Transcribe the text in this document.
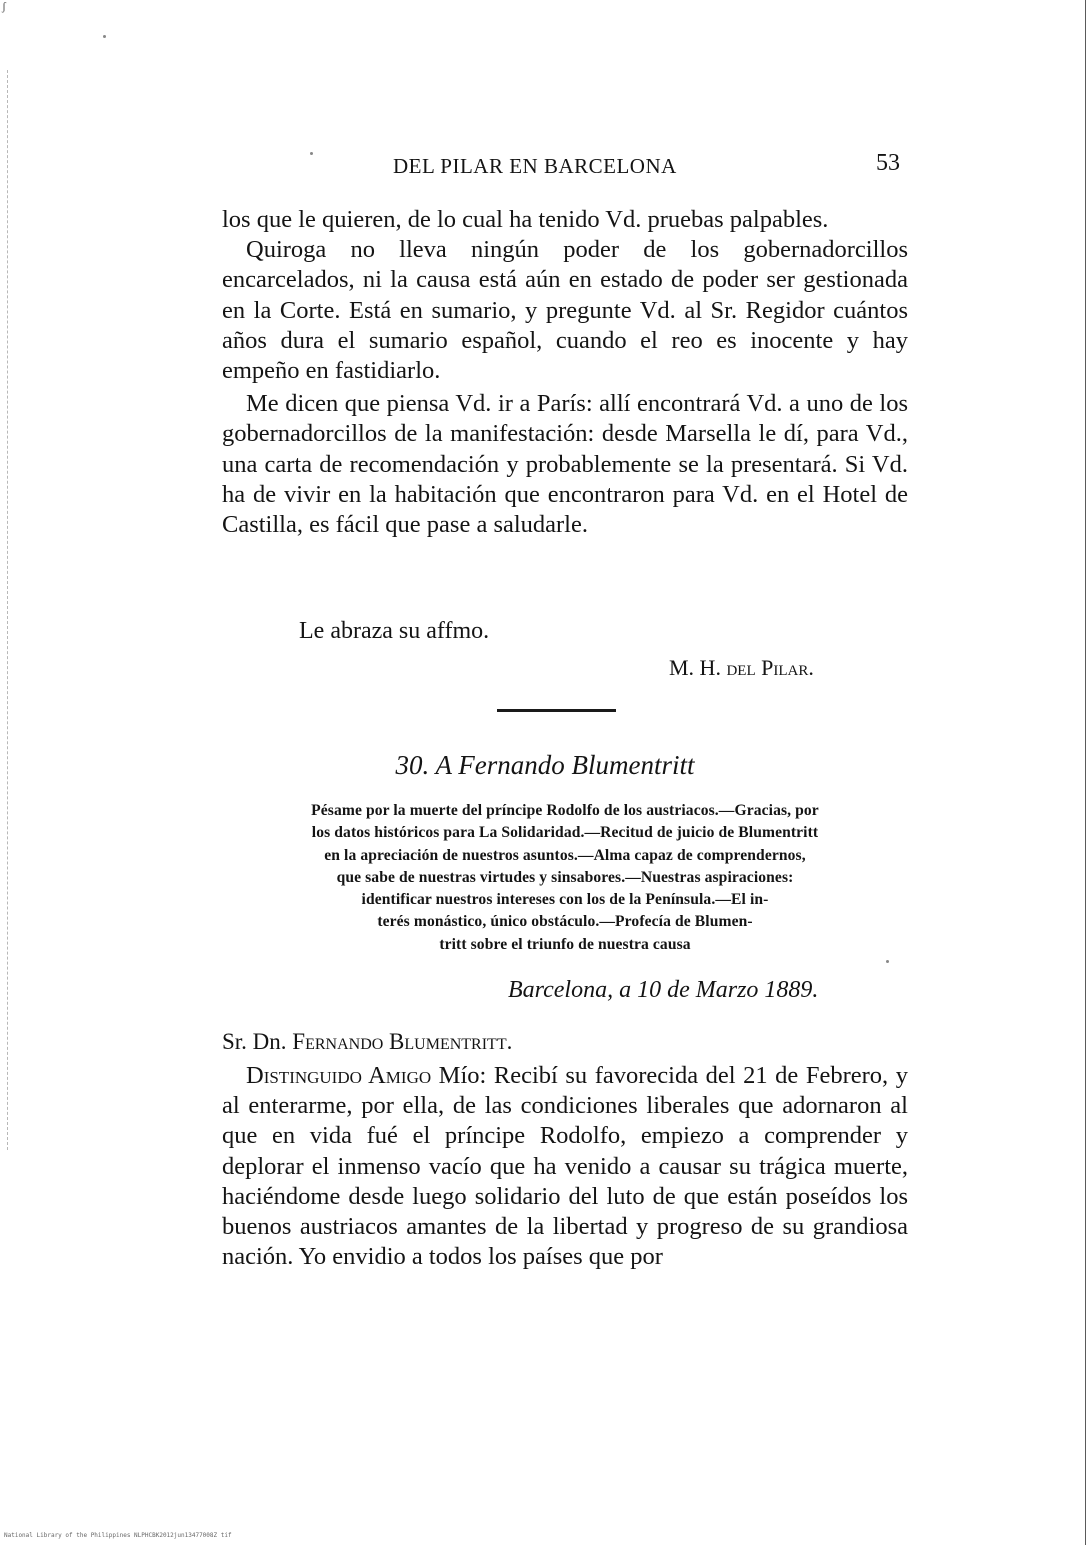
ʃ
DEL PILAR EN BARCELONA	53

los que le quieren, de lo cual ha tenido Vd. pruebas palpables.

Quiroga no lleva ningún poder de los gobernadorcillos encarcelados, ni la causa está aún en estado de poder ser gestionada en la Corte. Está en sumario, y pregunte Vd. al Sr. Regidor cuántos años dura el sumario español, cuando el reo es inocente y hay empeño en fastidiarlo.

Me dicen que piensa Vd. ir a París: allí encontrará Vd. a uno de los gobernadorcillos de la manifestación: desde Marsella le dí, para Vd., una carta de recomendación y probablemente se la presentará. Si Vd. ha de vivir en la habitación que encontraron para Vd. en el Hotel de Castilla, es fácil que pase a saludarle.

Le abraza su affmo.
M. H. del Pilar.
30. A Fernando Blumentritt

Pésame por la muerte del príncipe Rodolfo de los austriacos.—Gracias, por
los datos históricos para La Solidaridad.—Recitud de juicio de Blumentritt
en la apreciación de nuestros asuntos.—Alma capaz de comprendernos,
que sabe de nuestras virtudes y sinsabores.—Nuestras aspiraciones:
identificar nuestros intereses con los de la Península.—El in-
terés monástico, único obstáculo.—Profecía de Blumen-
tritt sobre el triunfo de nuestra causa

Barcelona, a 10 de Marzo 1889.
Sr. Dn. Fernando Blumentritt.

Distinguido Amigo Mío: Recibí su favorecida del 21 de Febrero, y al enterarme, por ella, de las condiciones liberales que adornaron al que en vida fué el príncipe Rodolfo, empiezo a comprender y deplorar el inmenso vacío que ha venido a causar su trágica muerte, haciéndome desde luego solidario del luto de que están poseídos los buenos austriacos amantes de la libertad y progreso de su grandiosa nación. Yo envidio a todos los países que por

National Library of the Philippines NLPHCBK2012jun13477008Z tif
